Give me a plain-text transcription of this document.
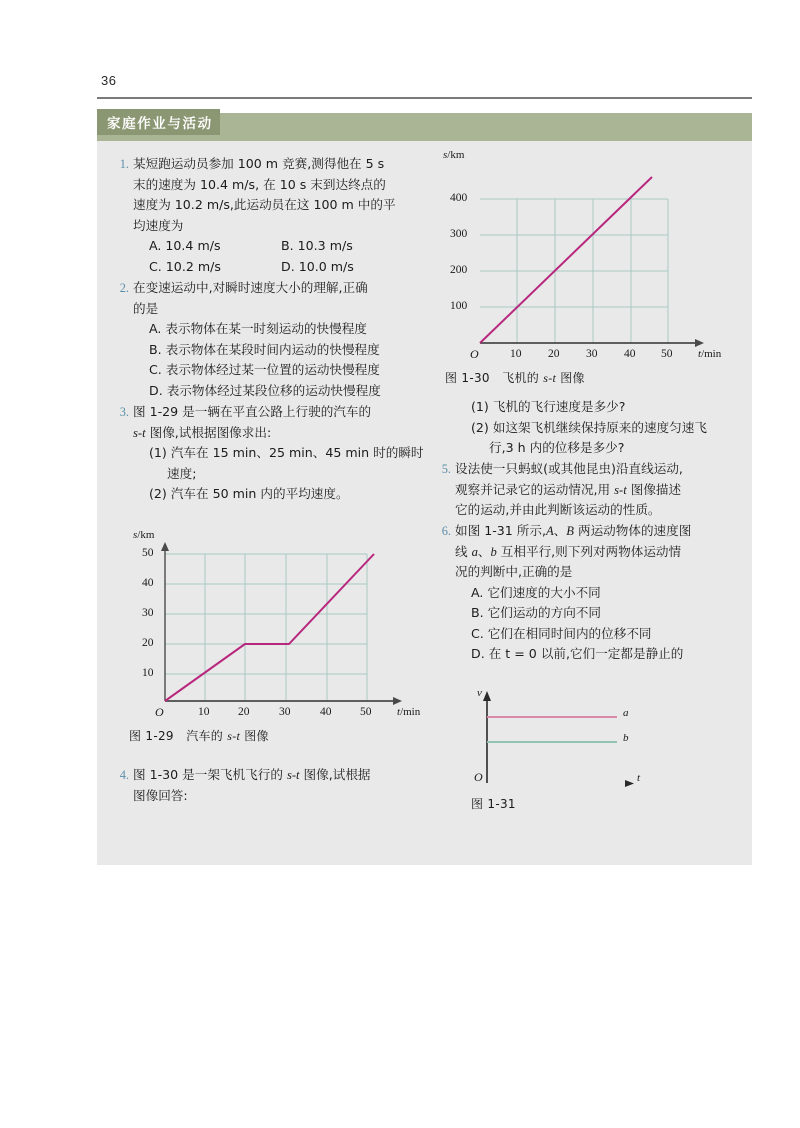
36
家庭作业与活动
1. 某短跑运动员参加 100 m 竞赛,测得他在 5 s
末的速度为 10.4 m/s, 在 10 s 末到达终点的
速度为 10.2 m/s,此运动员在这 100 m 中的平
均速度为
A. 10.4 m/s	B. 10.3 m/s
C. 10.2 m/s	D. 10.0 m/s
2. 在变速运动中,对瞬时速度大小的理解,正确
的是
A. 表示物体在某一时刻运动的快慢程度
B. 表示物体在某段时间内运动的快慢程度
C. 表示物体经过某一位置的运动快慢程度
D. 表示物体经过某段位移的运动快慢程度
3. 图 1-29 是一辆在平直公路上行驶的汽车的
s-t 图像,试根据图像求出:
(1) 汽车在 15 min、25 min、45 min 时的瞬时
速度;
(2) 汽车在 50 min 内的平均速度。
s/km
50
40
30
20
10
O	10 20	30	40 50 t/min
图 1-29 汽车的 s-t 图像
4. 图 1-30 是一架飞机飞行的 s-t 图像,试根据
图像回答:
s/km
400
300
200
100
O	10 20 30 40 50 t/min
图 1-30 飞机的 s-t 图像
(1) 飞机的飞行速度是多少?
(2) 如这架飞机继续保持原来的速度匀速飞
行,3 h 内的位移是多少?
5. 设法使一只蚂蚁(或其他昆虫)沿直线运动,
观察并记录它的运动情况,用 s-t 图像描述
它的运动,并由此判断该运动的性质。
6. 如图 1-31 所示,A、B 两运动物体的速度图
线 a、b 互相平行,则下列对两物体运动情
况的判断中,正确的是
A. 它们速度的大小不同
B. 它们运动的方向不同
C. 它们在相同时间内的位移不同
D. 在 t = 0 以前,它们一定都是静止的
v
O	t
a
b
图 1-31
